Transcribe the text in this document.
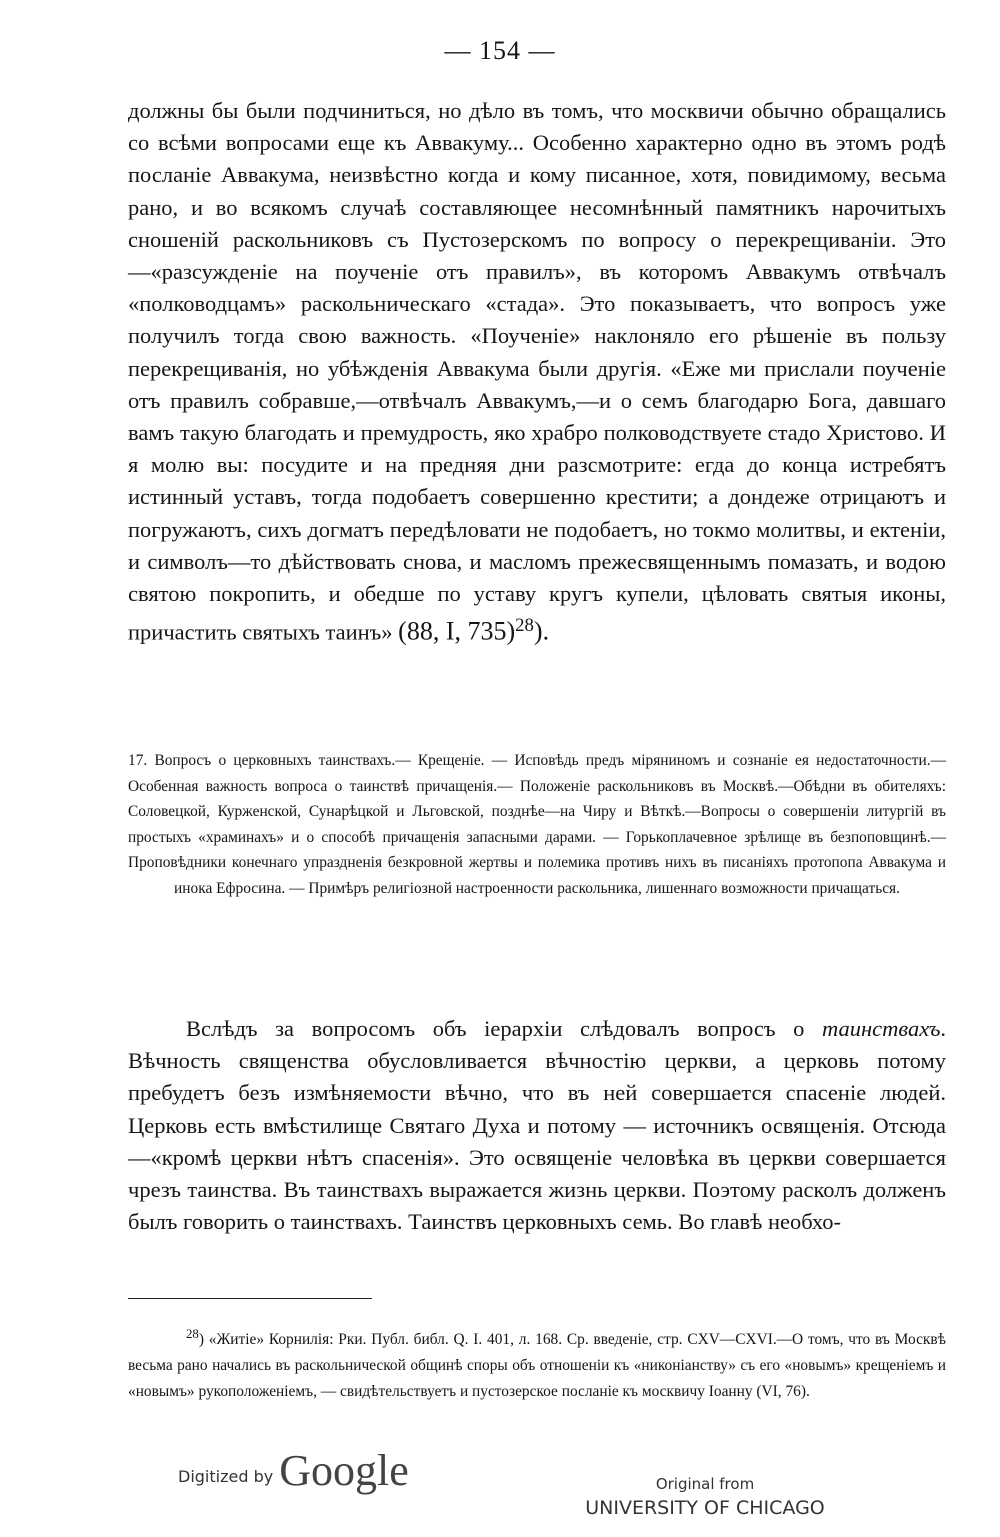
— 154 —

должны бы были подчиниться, но дѣло въ томъ, что москвичи обычно обращались со всѣми вопросами еще къ Аввакуму... Особенно характерно одно въ этомъ родѣ посланіе Аввакума, неизвѣстно когда и кому писанное, хотя, повидимому, весьма рано, и во всякомъ случаѣ составляющее несомнѣнный памятникъ нарочитыхъ сношеній раскольниковъ съ Пустозерскомъ по вопросу о перекрещиваніи. Это—«разсужденіе на поученіе отъ правилъ», въ которомъ Аввакумъ отвѣчалъ «полководцамъ» раскольническаго «стада». Это показываетъ, что вопросъ уже получилъ тогда свою важность. «Поученіе» наклоняло его рѣшеніе въ пользу перекрещиванія, но убѣжденія Аввакума были другія. «Еже ми прислали поученіе отъ правилъ собравше,—отвѣчалъ Аввакумъ,—и о семъ благодарю Бога, давшаго вамъ такую благодать и премудрость, яко храбро полководствуете стадо Христово. И я молю вы: посудите и на предняя дни разсмотрите: егда до конца истребятъ истинный уставъ, тогда подобаетъ совершенно крестити; а дондеже отрицаютъ и погружаютъ, сихъ догматъ передѣловати не подобаетъ, но токмо молитвы, и ектеніи, и символъ—то дѣйствовать снова, и масломъ прежесвященнымъ помазать, и водою святою покропить, и обедше по уставу кругъ купели, цѣловать святыя иконы, причастить святыхъ таинъ» (88, I, 735)$^{28}$).

17. Вопросъ о церковныхъ таинствахъ.— Крещеніе. — Исповѣдь предъ міряниномъ и сознаніе ея недостаточности.—Особенная важность вопроса о таинствѣ причащенія.— Положеніе раскольниковъ въ Москвѣ.—Обѣдни въ обителяхъ: Соловецкой, Курженской, Сунарѣцкой и Льговской, позднѣе—на Чиру и Вѣткѣ.—Вопросы о совершеніи литургій въ простыхъ «храминахъ» и о способѣ причащенія запасными дарами. — Горькоплачевное зрѣлище въ безпоповщинѣ.—Проповѣдники конечнаго упраздненія безкровной жертвы и полемика противъ нихъ въ писаніяхъ протопопа Аввакума и инока Ефросина. — Примѣръ религіозной настроенности раскольника, лишеннаго возможности причащаться.

Вслѣдъ за вопросомъ объ іерархіи слѣдовалъ вопросъ о таинствахъ. Вѣчность священства обусловливается вѣчностію церкви, а церковь потому пребудетъ безъ измѣняемости вѣчно, что въ ней совершается спасеніе людей. Церковь есть вмѣстилище Святаго Духа и потому — источникъ освященія. Отсюда—«кромѣ церкви нѣтъ спасенія». Это освященіе человѣка въ церкви совершается чрезъ таинства. Въ таинствахъ выражается жизнь церкви. Поэтому расколъ долженъ былъ говорить о таинствахъ. Таинствъ церковныхъ семь. Во главѣ необхо-

$^{28}$) «Житіе» Корнилія: Рки. Публ. библ. Q. I. 401, л. 168. Ср. введеніе, стр. CXV—CXVI.—О томъ, что въ Москвѣ весьма рано начались въ раскольнической общинѣ споры объ отношеніи къ «никоніанству» съ его «новымъ» крещеніемъ и «новымъ» рукоположеніемъ, — свидѣтельствуетъ и пустозерское посланіе къ москвичу Іоанну (VI, 76).

Digitized by Google	Original from
UNIVERSITY OF CHICAGO
